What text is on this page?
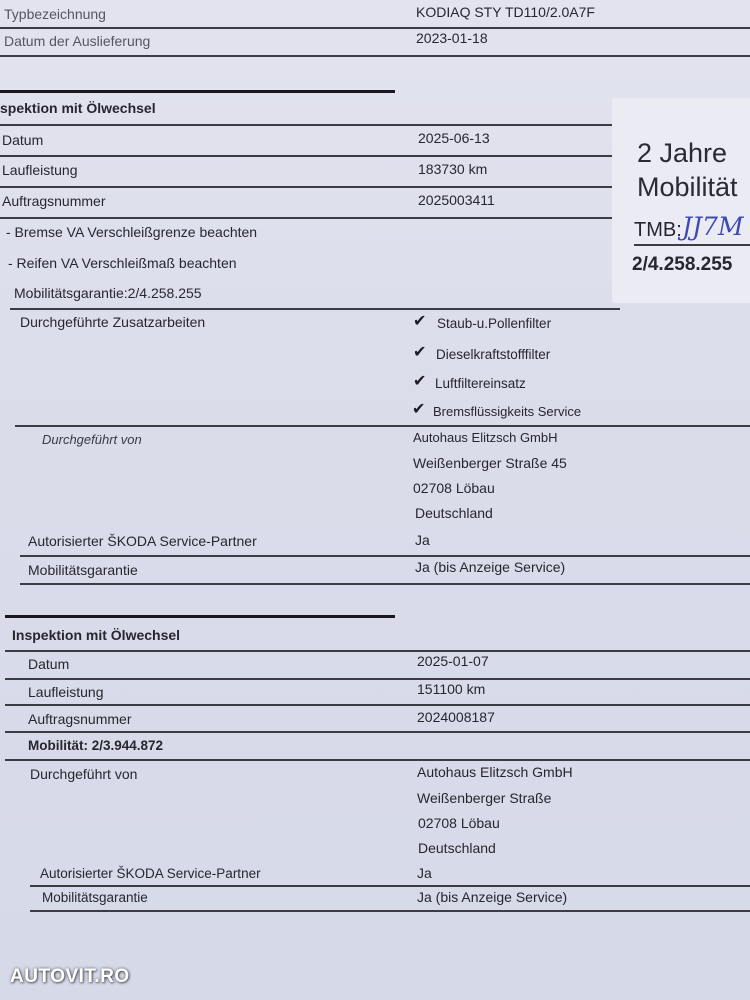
Typbezeichnung	KODIAQ STY TD110/2.0A7F
Datum der Auslieferung	2023-01-18
spektion mit Ölwechsel
Datum	2025-06-13
Laufleistung	183730 km
Auftragsnummer	2025003411
- Bremse VA Verschleißgrenze beachten
- Reifen VA Verschleißmaß beachten
Mobilitätsgarantie:2/4.258.255
Durchgeführte Zusatzarbeiten	✔ Staub-u.Pollenfilter
✔ Dieselkraftstofffilter
✔ Luftfiltereinsatz
✔ Bremsflüssigkeits Service
Durchgeführt von	Autohaus Elitzsch GmbH
Weißenberger Straße 45
02708 Löbau
Deutschland
Autorisierter ŠKODA Service-Partner	Ja
Mobilitätsgarantie	Ja (bis Anzeige Service)
2 Jahre
Mobilität
TMB: JJ7M
2/4.258.255
Inspektion mit Ölwechsel
Datum	2025-01-07
Laufleistung	151100 km
Auftragsnummer	2024008187
Mobilität: 2/3.944.872
Durchgeführt von	Autohaus Elitzsch GmbH
Weißenberger Straße
02708 Löbau
Deutschland
Autorisierter ŠKODA Service-Partner	Ja
Mobilitätsgarantie	Ja (bis Anzeige Service)
AUTOVIT.RO
